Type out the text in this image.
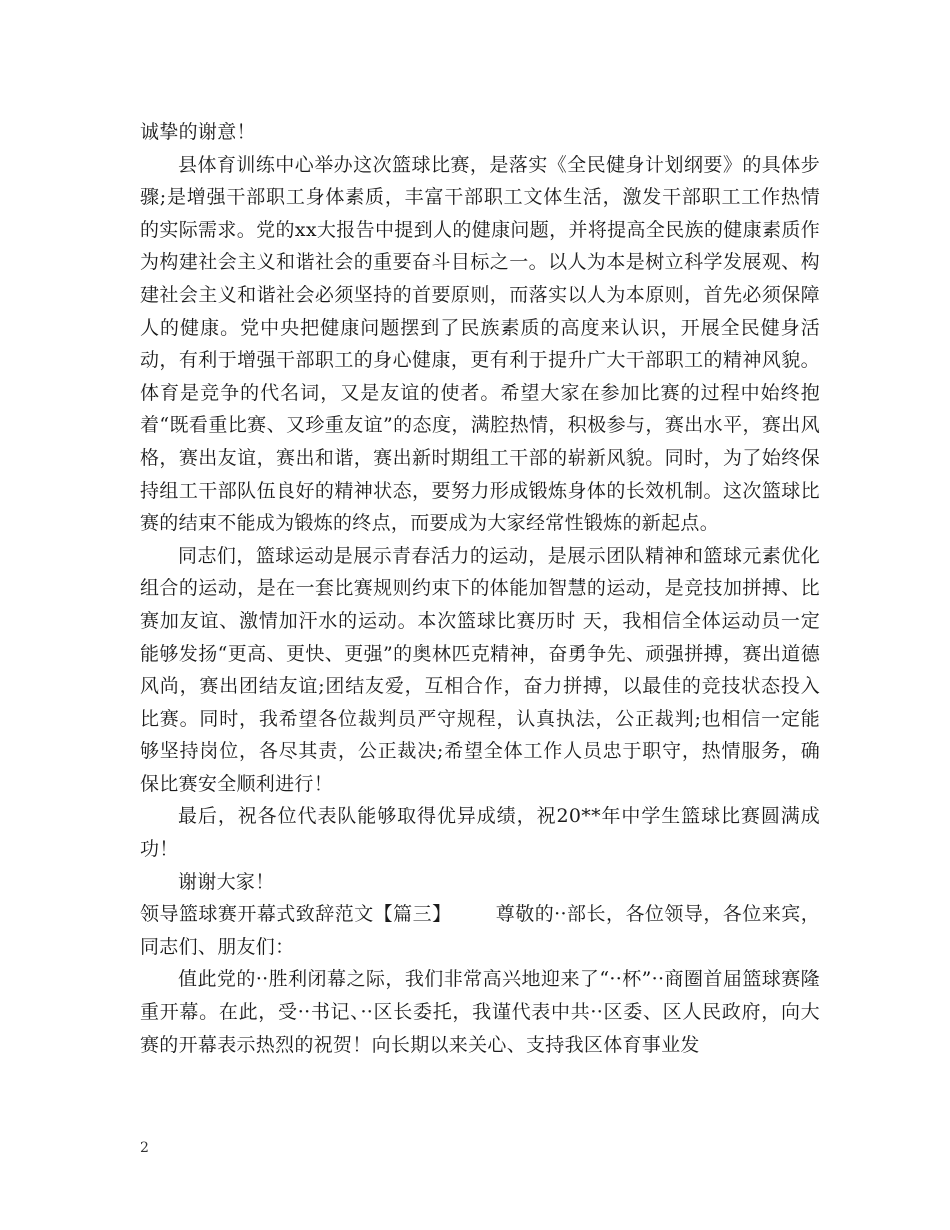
诚挚的谢意！

县体育训练中心举办这次篮球比赛，是落实《全民健身计划纲要》的具体步骤;是增强干部职工身体素质，丰富干部职工文体生活，激发干部职工工作热情的实际需求。党的xx大报告中提到人的健康问题，并将提高全民族的健康素质作为构建社会主义和谐社会的重要奋斗目标之一。以人为本是树立科学发展观、构建社会主义和谐社会必须坚持的首要原则，而落实以人为本原则，首先必须保障人的健康。党中央把健康问题摆到了民族素质的高度来认识，开展全民健身活动，有利于增强干部职工的身心健康，更有利于提升广大干部职工的精神风貌。体育是竞争的代名词，又是友谊的使者。希望大家在参加比赛的过程中始终抱着“既看重比赛、又珍重友谊”的态度，满腔热情，积极参与，赛出水平，赛出风格，赛出友谊，赛出和谐，赛出新时期组工干部的崭新风貌。同时，为了始终保持组工干部队伍良好的精神状态，要努力形成锻炼身体的长效机制。这次篮球比赛的结束不能成为锻炼的终点，而要成为大家经常性锻炼的新起点。

同志们，篮球运动是展示青春活力的运动，是展示团队精神和篮球元素优化组合的运动，是在一套比赛规则约束下的体能加智慧的运动，是竞技加拼搏、比赛加友谊、激情加汗水的运动。本次篮球比赛历时 天，我相信全体运动员一定能够发扬“更高、更快、更强”的奥林匹克精神，奋勇争先、顽强拼搏，赛出道德风尚，赛出团结友谊;团结友爱，互相合作，奋力拼搏，以最佳的竞技状态投入比赛。同时，我希望各位裁判员严守规程，认真执法，公正裁判;也相信一定能够坚持岗位，各尽其责，公正裁决;希望全体工作人员忠于职守，热情服务，确保比赛安全顺利进行！

最后，祝各位代表队能够取得优异成绩，祝20**年中学生篮球比赛圆满成功！

谢谢大家！

领导篮球赛开幕式致辞范文【篇三】 尊敬的··部长，各位领导，各位来宾，同志们、朋友们：

值此党的··胜利闭幕之际，我们非常高兴地迎来了“··杯”··商圈首届篮球赛隆重开幕。在此，受··书记、··区长委托，我谨代表中共··区委、区人民政府，向大赛的开幕表示热烈的祝贺！向长期以来关心、支持我区体育事业发

2
